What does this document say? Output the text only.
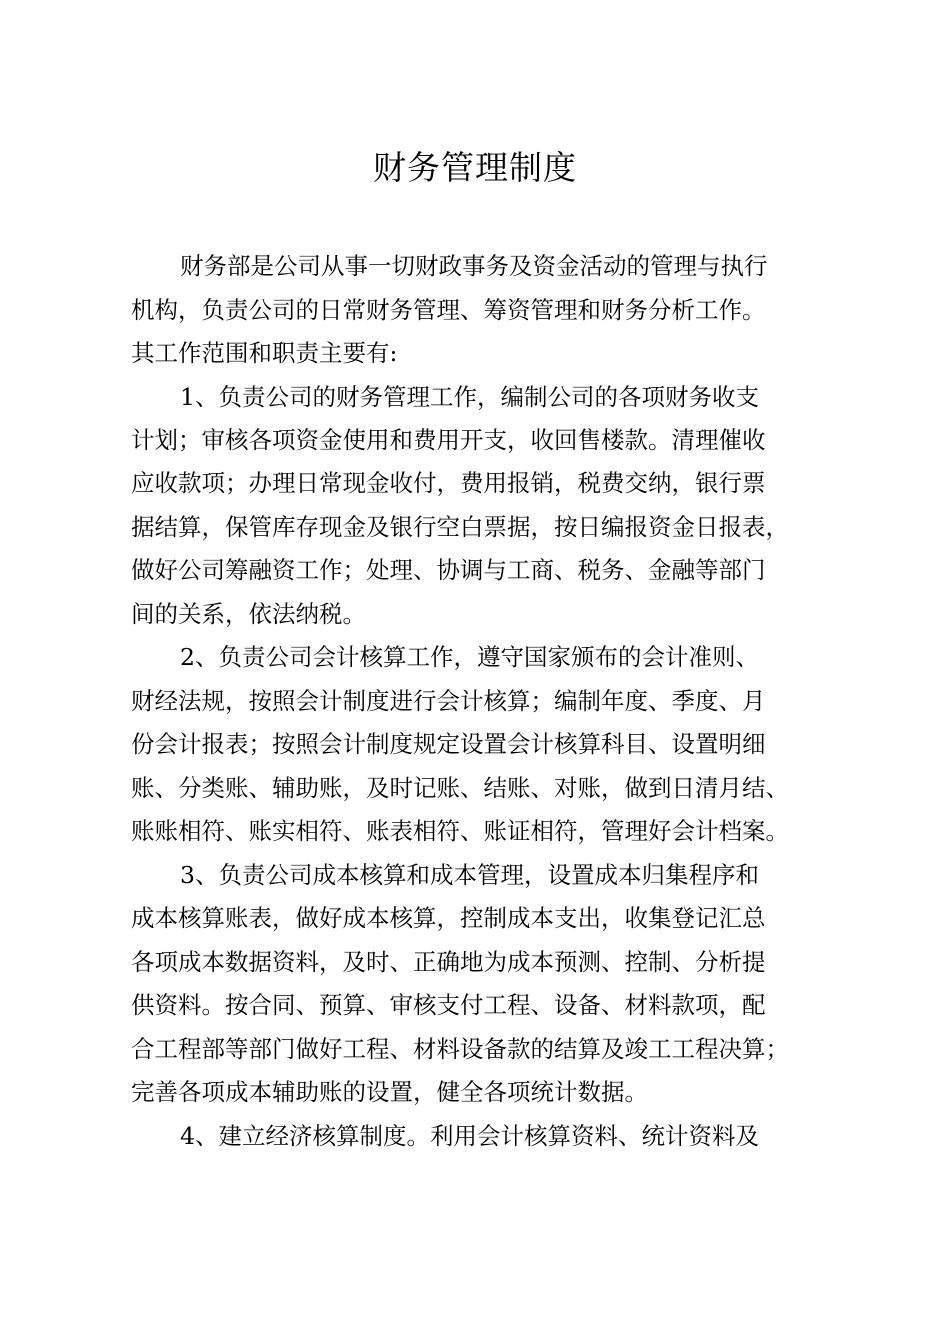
财务管理制度
财务部是公司从事一切财政事务及资金活动的管理与执行
机构，负责公司的日常财务管理、筹资管理和财务分析工作。
其工作范围和职责主要有:
1、负责公司的财务管理工作，编制公司的各项财务收支
计划；审核各项资金使用和费用开支，收回售楼款。清理催收
应收款项；办理日常现金收付，费用报销，税费交纳，银行票
据结算，保管库存现金及银行空白票据，按日编报资金日报表，
做好公司筹融资工作；处理、协调与工商、税务、金融等部门
间的关系，依法纳税。
2、负责公司会计核算工作，遵守国家颁布的会计准则、
财经法规，按照会计制度进行会计核算；编制年度、季度、月
份会计报表；按照会计制度规定设置会计核算科目、设置明细
账、分类账、辅助账，及时记账、结账、对账，做到日清月结、
账账相符、账实相符、账表相符、账证相符，管理好会计档案。
3、负责公司成本核算和成本管理，设置成本归集程序和
成本核算账表，做好成本核算，控制成本支出，收集登记汇总
各项成本数据资料，及时、正确地为成本预测、控制、分析提
供资料。按合同、预算、审核支付工程、设备、材料款项，配
合工程部等部门做好工程、材料设备款的结算及竣工工程决算；
完善各项成本辅助账的设置，健全各项统计数据。
4、建立经济核算制度。利用会计核算资料、统计资料及
